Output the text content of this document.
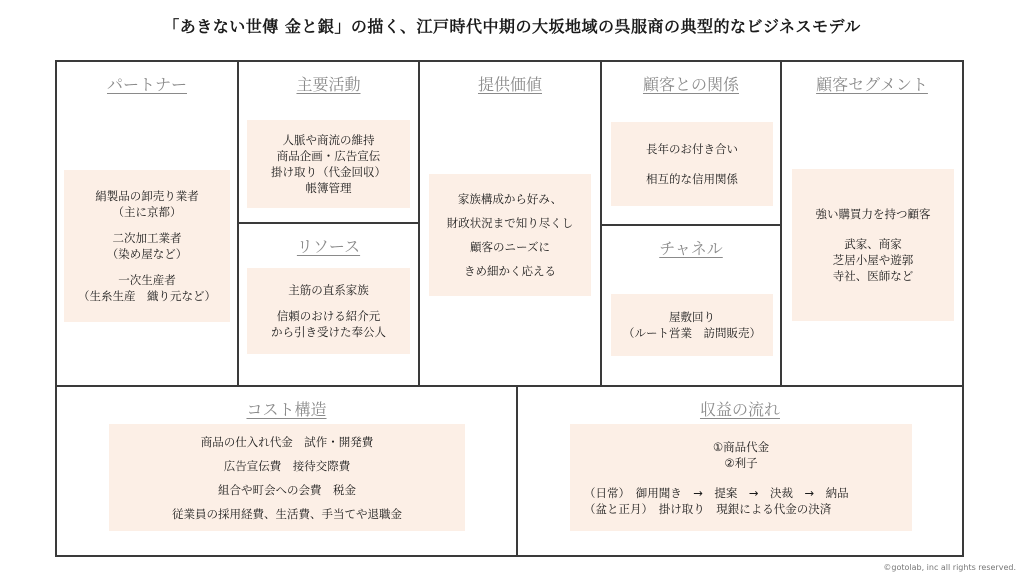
「あきない世傳 金と銀」の描く、江戸時代中期の大坂地域の呉服商の典型的なビジネスモデル
パートナー
絹製品の卸売り業者
（主に京都）
二次加工業者
（染め屋など）
一次生産者
（生糸生産　織り元など）
主要活動
人脈や商流の維持
商品企画・広告宣伝
掛け取り（代金回収）
帳簿管理
リソース
主筋の直系家族
信頼のおける紹介元
から引き受けた奉公人
提供価値
家族構成から好み、
財政状況まで知り尽くし
顧客のニーズに
きめ細かく応える
顧客との関係
長年のお付き合い
相互的な信用関係
チャネル
屋敷回り
（ルート営業　訪問販売）
顧客セグメント
強い購買力を持つ顧客
武家、商家
芝居小屋や遊郭
寺社、医師など
コスト構造
商品の仕入れ代金　試作・開発費
広告宣伝費　接待交際費
組合や町会への会費　税金
従業員の採用経費、生活費、手当てや退職金
収益の流れ
①商品代金
②利子
（日常）　御用聞き　→　提案　→　決裁　→　納品
（盆と正月）　掛け取り　現銀による代金の決済
©gotolab, inc all rights reserved.
